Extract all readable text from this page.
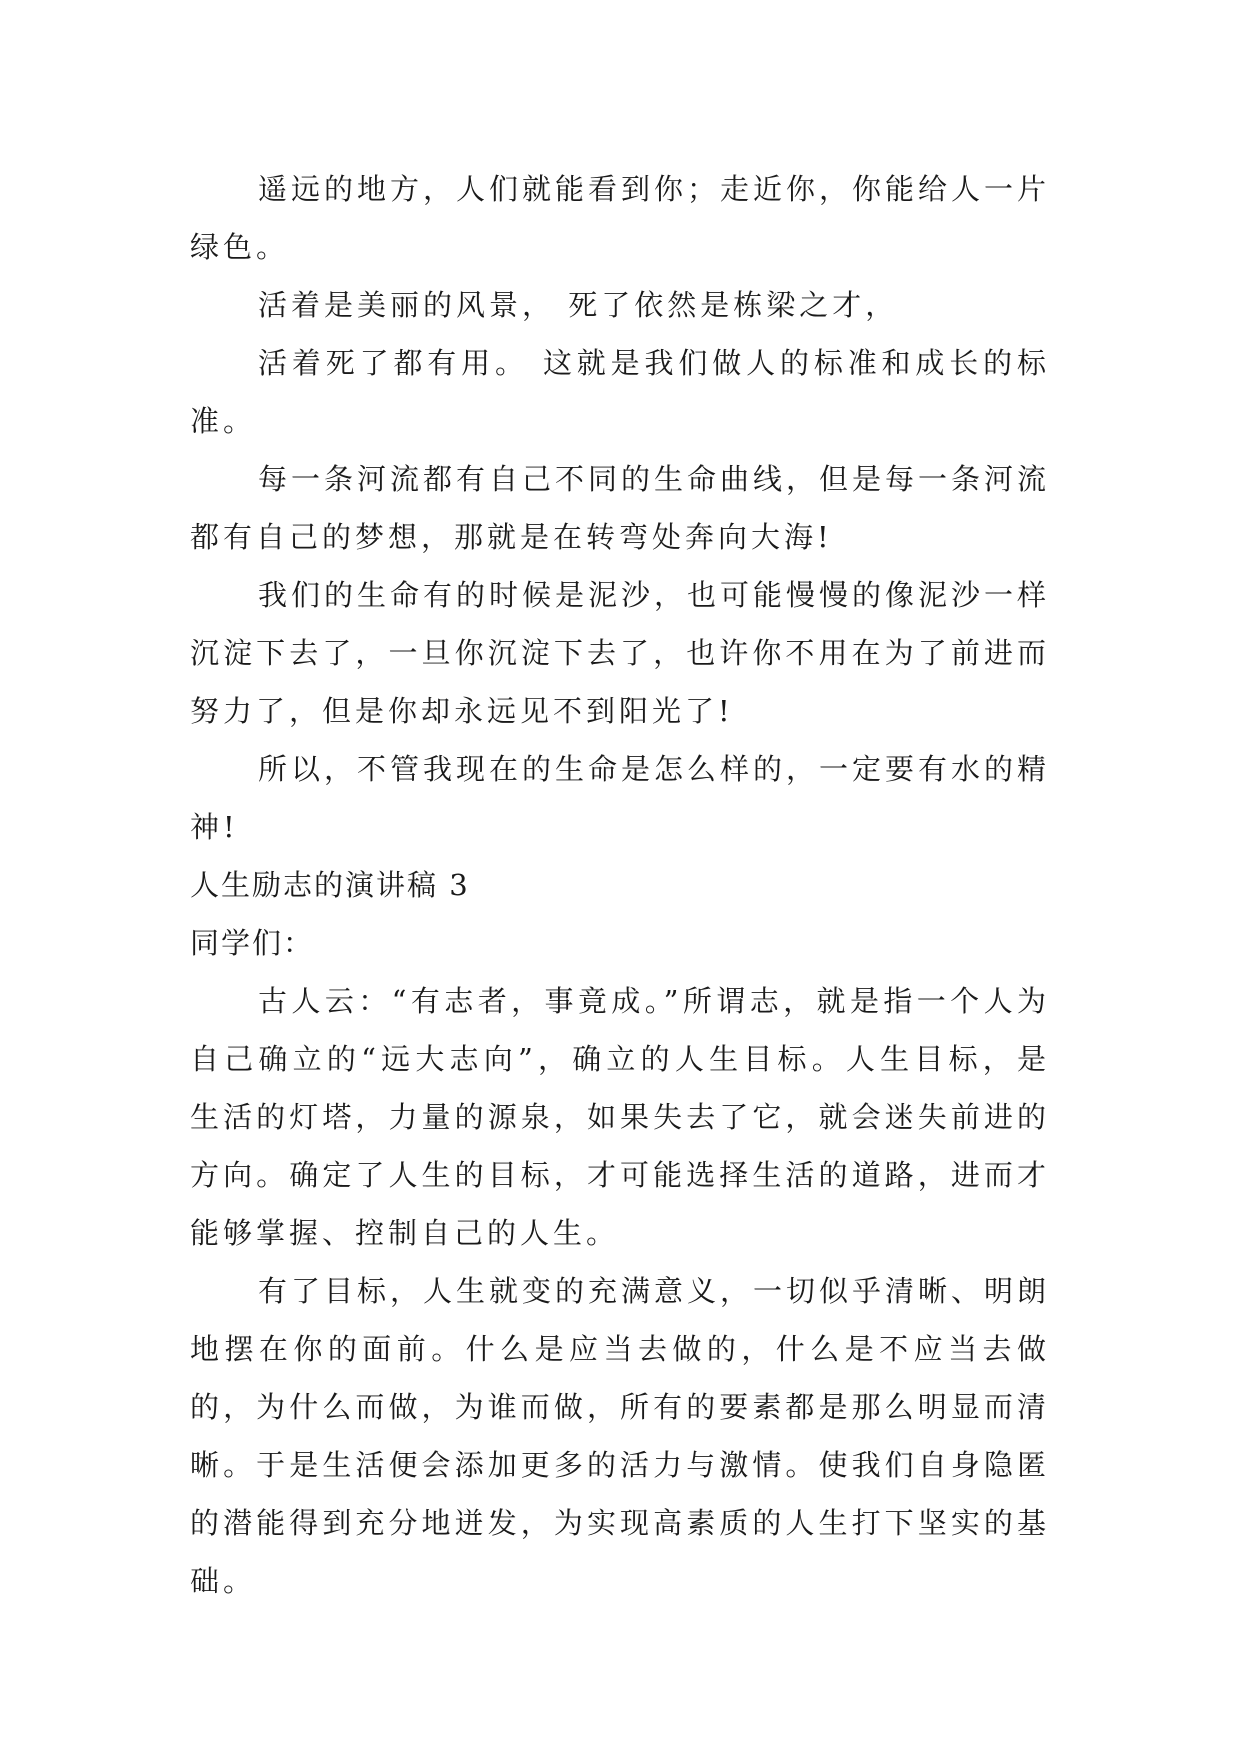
遥远的地方，人们就能看到你；走近你，你能给人一片绿色。

活着是美丽的风景， 死了依然是栋梁之才，

活着死了都有用。 这就是我们做人的标准和成长的标准。

每一条河流都有自己不同的生命曲线，但是每一条河流都有自己的梦想，那就是在转弯处奔向大海!

我们的生命有的时候是泥沙，也可能慢慢的像泥沙一样沉淀下去了，一旦你沉淀下去了，也许你不用在为了前进而努力了，但是你却永远见不到阳光了!

所以，不管我现在的生命是怎么样的，一定要有水的精神!

人生励志的演讲稿 3

同学们：

古人云：“有志者，事竟成。”所谓志，就是指一个人为自己确立的“远大志向”，确立的人生目标。人生目标，是生活的灯塔，力量的源泉，如果失去了它，就会迷失前进的方向。确定了人生的目标，才可能选择生活的道路，进而才能够掌握、控制自己的人生。

有了目标，人生就变的充满意义，一切似乎清晰、明朗地摆在你的面前。什么是应当去做的，什么是不应当去做的，为什么而做，为谁而做，所有的要素都是那么明显而清晰。于是生活便会添加更多的活力与激情。使我们自身隐匿的潜能得到充分地迸发，为实现高素质的人生打下坚实的基础。
